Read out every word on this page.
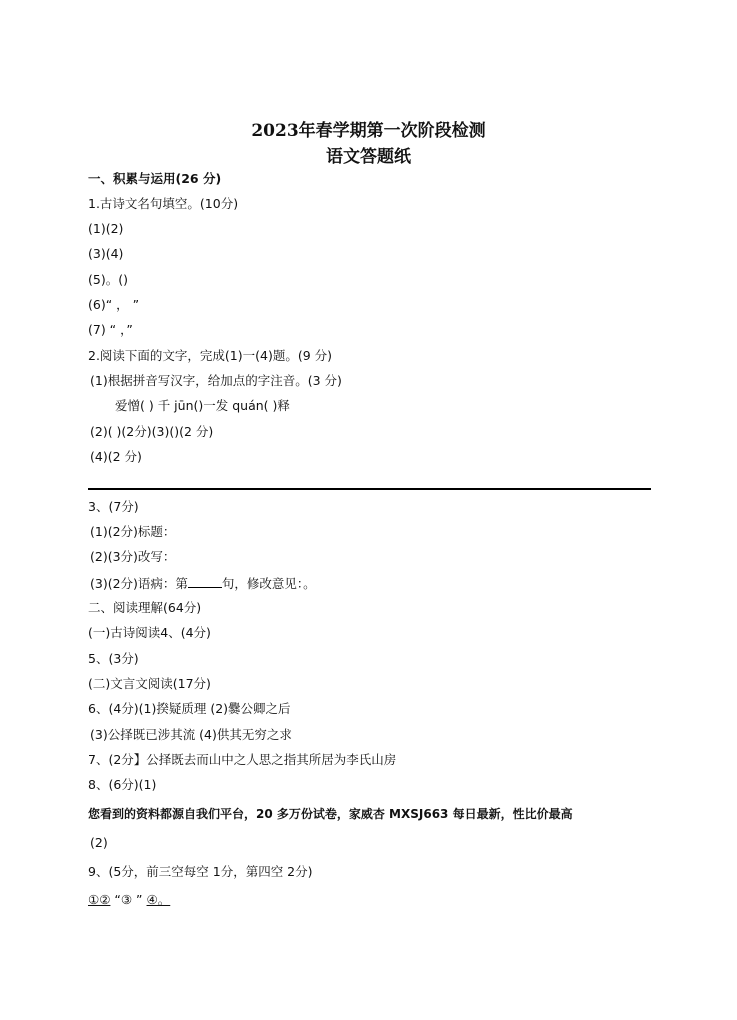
2023年春学期第一次阶段检测
语文答题纸
一、积累与运用(26 分)
1.古诗文名句填空。(10分)
(1)(2)
(3)(4)
(5)。()
(6)“ ， ”
(7) “ ，”
2.阅读下面的文字，完成(1)一(4)题。(9 分)
(1)根据拼音写汉字，给加点的字注音。(3 分)
爱憎( ) 千 jūn()一发 quán( )释
(2)( )(2分)(3)()(2 分)
(4)(2 分)
3、(7分)
(1)(2分)标题：
(2)(3分)改写：
(3)(2分)语病：第	句，修改意见：。
二、阅读理解(64分)
(一)古诗阅读4、(4分)
5、(3分)
(二)文言文阅读(17分)
6、(4分)(1)揆疑质理 (2)爨公卿之后
(3)公择既已涉其流 (4)供其无穷之求
7、(2分】公择既去而山中之人思之指其所居为李氏山房
8、(6分)(1)
您看到的资料都源自我们平台，20 多万份试卷，家威杏 MXSJ663 每日最新，性比价最高
(2)
9、(5分，前三空每空 1分，第四空 2分)
①② “③ ” ④。
